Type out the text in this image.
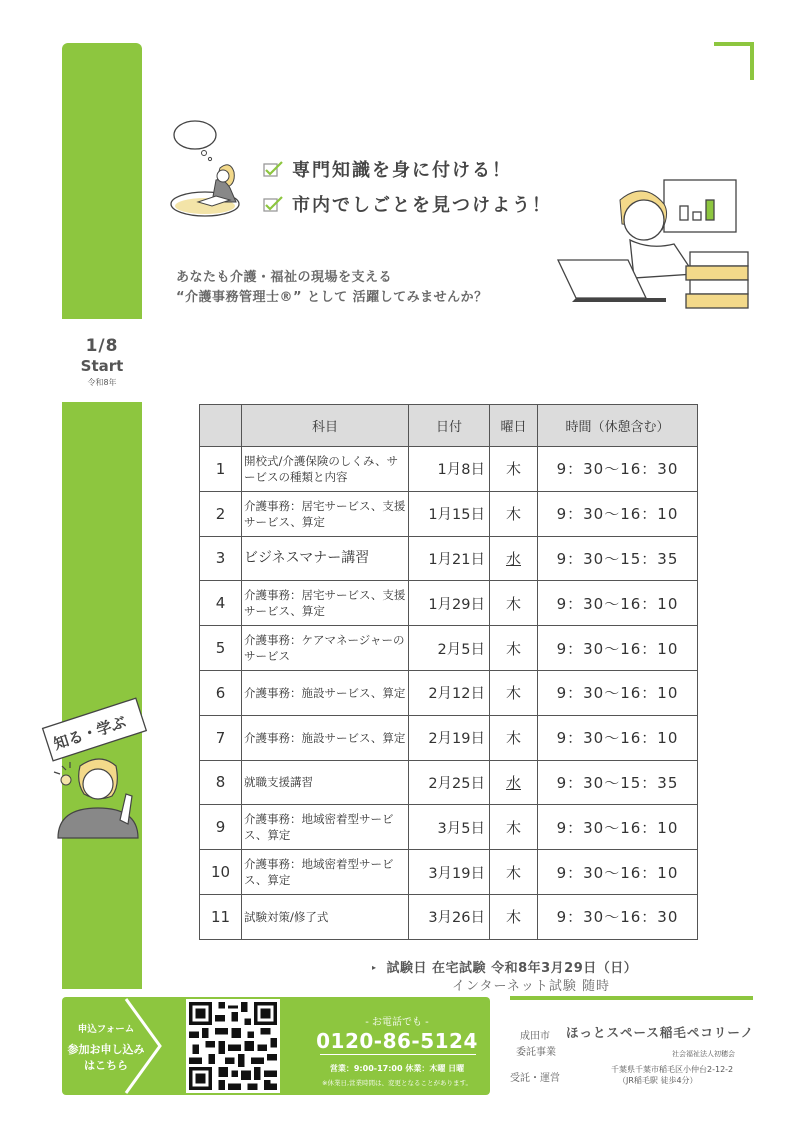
1/8
Start
令和8年
専門知識を身に付ける！
市内でしごとを見つけよう！
あなたも介護・福祉の現場を支える
“介護事務管理士®” として 活躍してみませんか？
知る・学ぶ
	科目	日付	曜日	時間（休憩含む）
1	開校式/介護保険のしくみ、サービスの種類と内容	1月8日	木	9：30～16：30
2	介護事務：居宅サービス、支援サービス、算定	1月15日	木	9：30～16：10
3	ビジネスマナー講習	1月21日	水	9：30～15：35
4	介護事務：居宅サービス、支援サービス、算定	1月29日	木	9：30～16：10
5	介護事務：ケアマネージャーのサービス	2月5日	木	9：30～16：10
6	介護事務：施設サービス、算定	2月12日	木	9：30～16：10
7	介護事務：施設サービス、算定	2月19日	木	9：30～16：10
8	就職支援講習	2月25日	水	9：30～15：35
9	介護事務：地域密着型サービス、算定	3月5日	木	9：30～16：10
10	介護事務：地域密着型サービス、算定	3月19日	木	9：30～16：10
11	試験対策/修了式	3月26日	木	9：30～16：30
▸ 試験日 在宅試験 令和8年3月29日（日）
インターネット試験 随時
申込フォーム
参加お申し込み
はこちら
- お電話でも -
0120-86-5124
営業：9:00-17:00 休業：木曜 日曜
※休業日,営業時間は、変更となることがあります。
成田市 ほっとスペース稲毛ペコリーノ
委託事業	社会福祉法人初穂会
受託・運営
千葉県千葉市稲毛区小仲台2-12-2
（JR稲毛駅 徒歩4分）
